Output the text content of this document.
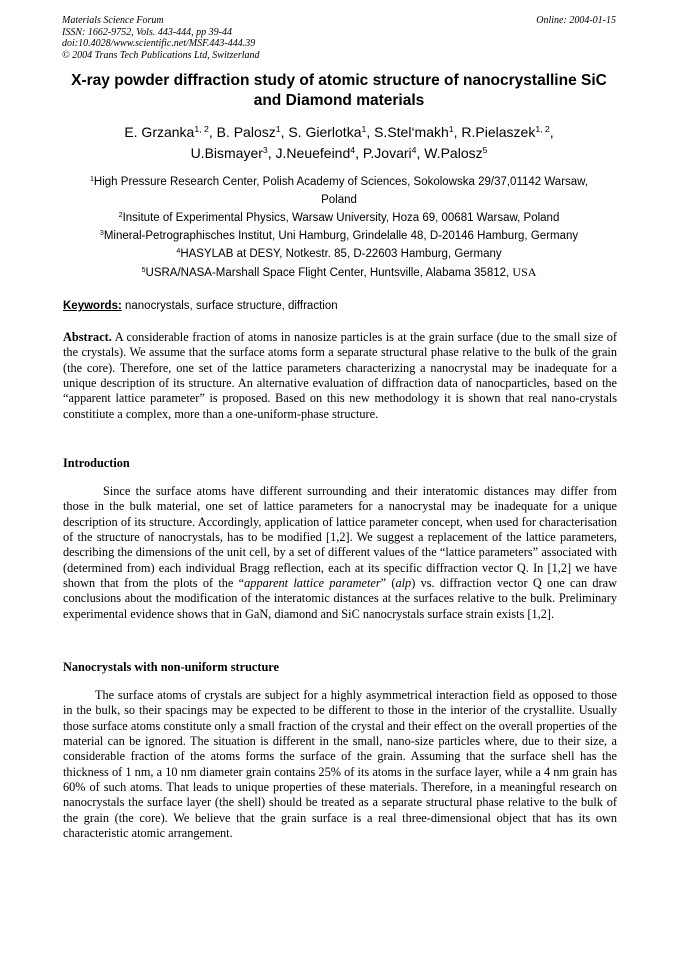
Materials Science Forum
ISSN: 1662-9752, Vols. 443-444, pp 39-44
doi:10.4028/www.scientific.net/MSF.443-444.39
© 2004 Trans Tech Publications Ltd, Switzerland
Online: 2004-01-15
X-ray powder diffraction study of atomic structure of nanocrystalline SiC
and Diamond materials
E. Grzanka$^{1, 2}$, B. Palosz$^1$, S. Gierlotka$^1$, S.Stel‘makh$^1$, R.Pielaszek$^{1, 2}$,
U.Bismayer$^3$, J.Neuefeind$^4$, P.Jovari$^4$, W.Palosz$^5$
$^1$High Pressure Research Center, Polish Academy of Sciences, Sokolowska 29/37,01142 Warsaw,
Poland
$^2$Insitute of Experimental Physics, Warsaw University, Hoza 69, 00681 Warsaw, Poland
$^3$Mineral-Petrographisches Institut, Uni Hamburg, Grindelalle 48, D-20146 Hamburg, Germany
$^4$HASYLAB at DESY, Notkestr. 85, D-22603 Hamburg, Germany
$^5$USRA/NASA-Marshall Space Flight Center, Huntsville, Alabama 35812, USA
Keywords: nanocrystals, surface structure, diffraction
Abstract. A considerable fraction of atoms in nanosize particles is at the grain surface (due to the small size of the crystals). We assume that the surface atoms form a separate structural phase relative to the bulk of the grain (the core). Therefore, one set of the lattice parameters characterizing a nanocrystal may be inadequate for a unique description of its structure. An alternative evaluation of diffraction data of nanocparticles, based on the “apparent lattice parameter” is proposed. Based on this new methodology it is shown that real nano-crystals constitiute a complex, more than a one-uniform-phase structure.
Introduction
Since the surface atoms have different surrounding and their interatomic distances may differ from those in the bulk material, one set of lattice parameters for a nanocrystal may be inadequate for a unique description of its structure. Accordingly, application of lattice parameter concept, when used for characterisation of the structure of nanocrystals, has to be modified [1,2]. We suggest a replacement of the lattice parameters, describing the dimensions of the unit cell, by a set of different values of the “lattice parameters” associated with (determined from) each individual Bragg reflection, each at its specific diffraction vector Q. In [1,2] we have shown that from the plots of the “apparent lattice parameter” (alp) vs. diffraction vector Q one can draw conclusions about the modification of the interatomic distances at the surfaces relative to the bulk. Preliminary experimental evidence shows that in GaN, diamond and SiC nanocrystals surface strain exists [1,2].
Nanocrystals with non-uniform structure
The surface atoms of crystals are subject for a highly asymmetrical interaction field as opposed to those in the bulk, so their spacings may be expected to be different to those in the interior of the crystallite. Usually those surface atoms constitute only a small fraction of the crystal and their effect on the overall properties of the material can be ignored. The situation is different in the small, nano-size particles where, due to their size, a considerable fraction of the atoms forms the surface of the grain. Assuming that the surface shell has the thickness of 1 nm, a 10 nm diameter grain contains 25% of its atoms in the surface layer, while a 4 nm grain has 60% of such atoms. That leads to unique properties of these materials. Therefore, in a meaningful research on nanocrystals the surface layer (the shell) should be treated as a separate structural phase relative to the bulk of the grain (the core). We believe that the grain surface is a real three-dimensional object that has its own characteristic atomic arrangement.
